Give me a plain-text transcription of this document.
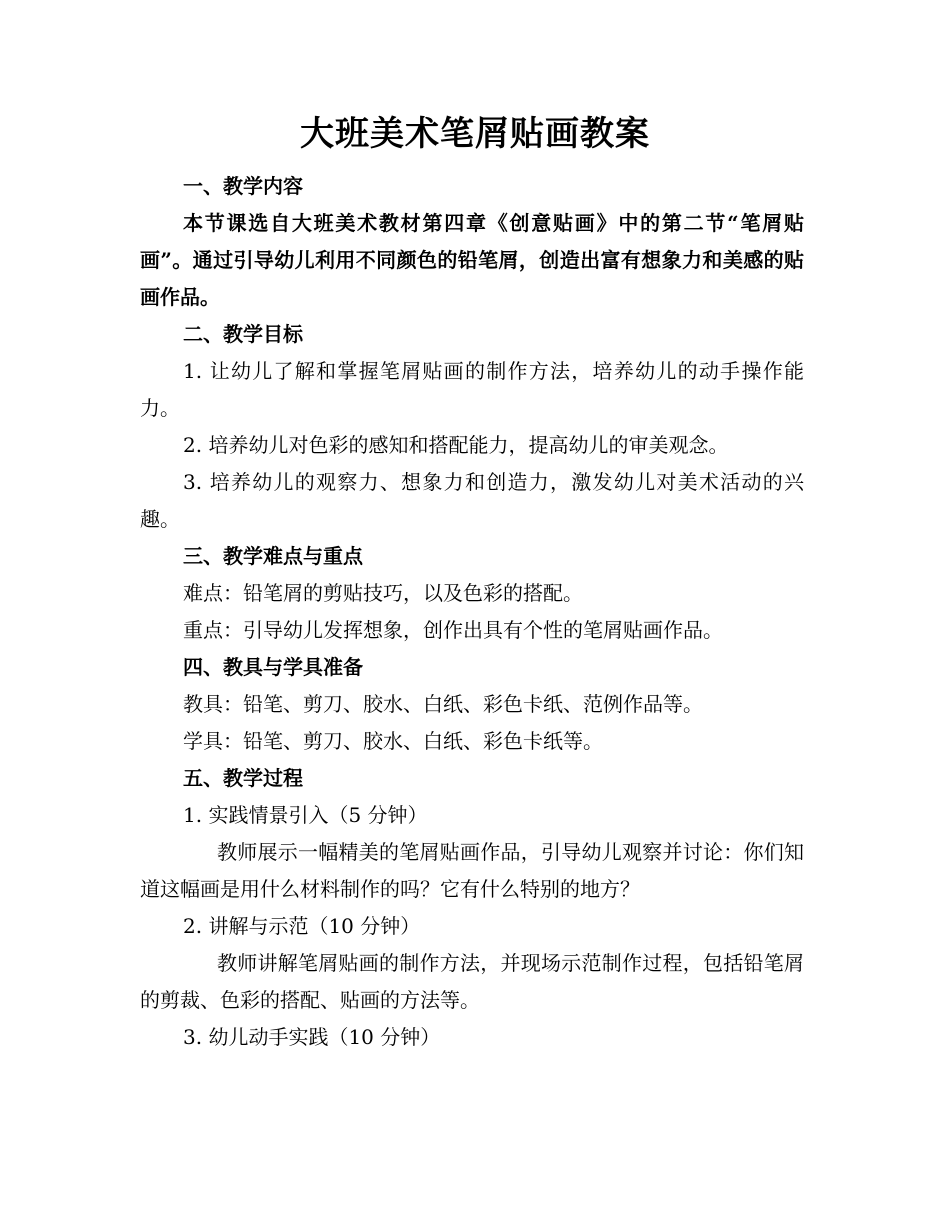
大班美术笔屑贴画教案

一、教学内容

本节课选自大班美术教材第四章《创意贴画》中的第二节“笔屑贴画”。通过引导幼儿利用不同颜色的铅笔屑，创造出富有想象力和美感的贴画作品。

二、教学目标

1. 让幼儿了解和掌握笔屑贴画的制作方法，培养幼儿的动手操作能力。

2. 培养幼儿对色彩的感知和搭配能力，提高幼儿的审美观念。

3. 培养幼儿的观察力、想象力和创造力，激发幼儿对美术活动的兴趣。

三、教学难点与重点

难点：铅笔屑的剪贴技巧，以及色彩的搭配。

重点：引导幼儿发挥想象，创作出具有个性的笔屑贴画作品。

四、教具与学具准备

教具：铅笔、剪刀、胶水、白纸、彩色卡纸、范例作品等。

学具：铅笔、剪刀、胶水、白纸、彩色卡纸等。

五、教学过程

1. 实践情景引入（5 分钟）

教师展示一幅精美的笔屑贴画作品，引导幼儿观察并讨论：你们知道这幅画是用什么材料制作的吗？它有什么特别的地方？

2. 讲解与示范（10 分钟）

教师讲解笔屑贴画的制作方法，并现场示范制作过程，包括铅笔屑的剪裁、色彩的搭配、贴画的方法等。

3. 幼儿动手实践（10 分钟）
